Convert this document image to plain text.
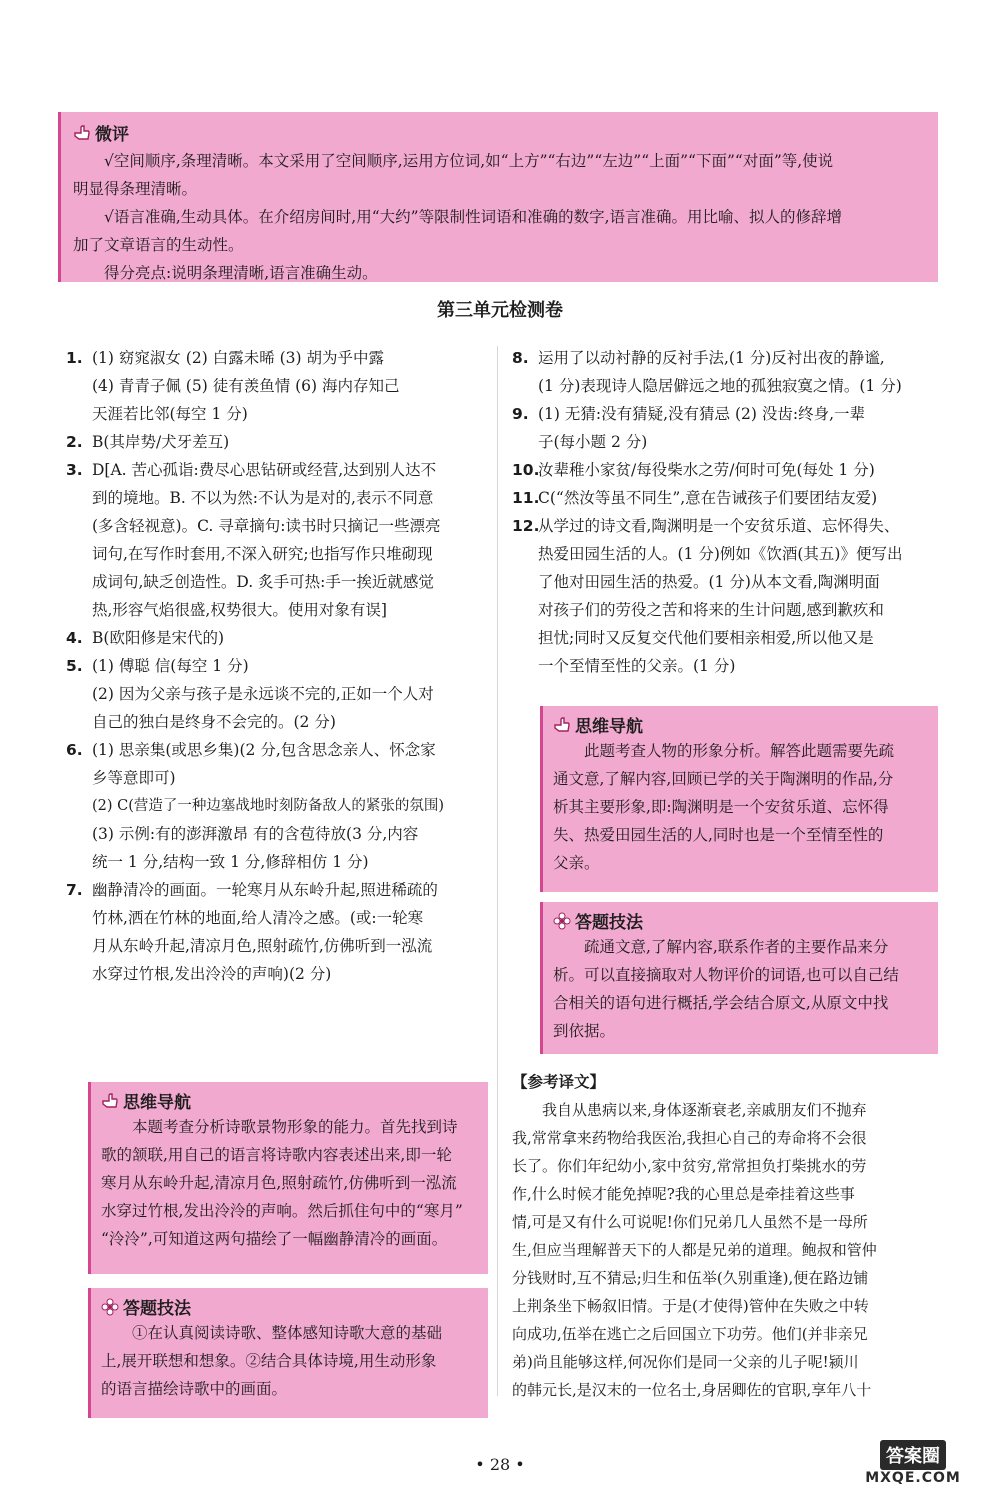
微评
√空间顺序,条理清晰。本文采用了空间顺序,运用方位词,如“上方”“右边”“左边”“上面”“下面”“对面”等,使说
明显得条理清晰。
√语言准确,生动具体。在介绍房间时,用“大约”等限制性词语和准确的数字,语言准确。用比喻、拟人的修辞增
加了文章语言的生动性。
得分亮点:说明条理清晰,语言准确生动。
第三单元检测卷
1. (1) 窈窕淑女 (2) 白露未晞 (3) 胡为乎中露
(4) 青青子佩 (5) 徒有羡鱼情 (6) 海内存知己
天涯若比邻(每空 1 分)
2. B(其岸势/犬牙差互)
3. D[A. 苦心孤诣:费尽心思钻研或经营,达到别人达不
到的境地。B. 不以为然:不认为是对的,表示不同意
(多含轻视意)。C. 寻章摘句:读书时只摘记一些漂亮
词句,在写作时套用,不深入研究;也指写作只堆砌现
成词句,缺乏创造性。D. 炙手可热:手一挨近就感觉
热,形容气焰很盛,权势很大。使用对象有误]
4. B(欧阳修是宋代的)
5. (1) 傅聪 信(每空 1 分)
(2) 因为父亲与孩子是永远谈不完的,正如一个人对
自己的独白是终身不会完的。(2 分)
6. (1) 思亲集(或思乡集)(2 分,包含思念亲人、怀念家
乡等意即可)
(2) C(营造了一种边塞战地时刻防备敌人的紧张的氛围)
(3) 示例:有的澎湃激昂 有的含苞待放(3 分,内容
统一 1 分,结构一致 1 分,修辞相仿 1 分)
7. 幽静清冷的画面。一轮寒月从东岭升起,照进稀疏的
竹林,洒在竹林的地面,给人清冷之感。(或:一轮寒
月从东岭升起,清凉月色,照射疏竹,仿佛听到一泓流
水穿过竹根,发出泠泠的声响)(2 分)
思维导航
本题考查分析诗歌景物形象的能力。首先找到诗
歌的颔联,用自己的语言将诗歌内容表述出来,即一轮
寒月从东岭升起,清凉月色,照射疏竹,仿佛听到一泓流
水穿过竹根,发出泠泠的声响。然后抓住句中的“寒月”
“泠泠”,可知道这两句描绘了一幅幽静清冷的画面。
答题技法
①在认真阅读诗歌、整体感知诗歌大意的基础
上,展开联想和想象。②结合具体诗境,用生动形象
的语言描绘诗歌中的画面。
8. 运用了以动衬静的反衬手法,(1 分)反衬出夜的静谧,
(1 分)表现诗人隐居僻远之地的孤独寂寞之情。(1 分)
9. (1) 无猜:没有猜疑,没有猜忌 (2) 没齿:终身,一辈
子(每小题 2 分)
10.汝辈稚小家贫/每役柴水之劳/何时可免(每处 1 分)
11.C(“然汝等虽不同生”,意在告诫孩子们要团结友爱)
12.从学过的诗文看,陶渊明是一个安贫乐道、忘怀得失、
热爱田园生活的人。(1 分)例如《饮酒(其五)》便写出
了他对田园生活的热爱。(1 分)从本文看,陶渊明面
对孩子们的劳役之苦和将来的生计问题,感到歉疚和
担忧;同时又反复交代他们要相亲相爱,所以他又是
一个至情至性的父亲。(1 分)
思维导航
此题考查人物的形象分析。解答此题需要先疏
通文意,了解内容,回顾已学的关于陶渊明的作品,分
析其主要形象,即:陶渊明是一个安贫乐道、忘怀得
失、热爱田园生活的人,同时也是一个至情至性的
父亲。
答题技法
疏通文意,了解内容,联系作者的主要作品来分
析。可以直接摘取对人物评价的词语,也可以自己结
合相关的语句进行概括,学会结合原文,从原文中找
到依据。
【参考译文】
我自从患病以来,身体逐渐衰老,亲戚朋友们不抛弃
我,常常拿来药物给我医治,我担心自己的寿命将不会很
长了。你们年纪幼小,家中贫穷,常常担负打柴挑水的劳
作,什么时候才能免掉呢?我的心里总是牵挂着这些事
情,可是又有什么可说呢!你们兄弟几人虽然不是一母所
生,但应当理解普天下的人都是兄弟的道理。鲍叔和管仲
分钱财时,互不猜忌;归生和伍举(久别重逢),便在路边铺
上荆条坐下畅叙旧情。于是(才使得)管仲在失败之中转
向成功,伍举在逃亡之后回国立下功劳。他们(并非亲兄
弟)尚且能够这样,何况你们是同一父亲的儿子呢!颍川
的韩元长,是汉末的一位名士,身居卿佐的官职,享年八十
• 28 •	答案圈
MXQE.COM
